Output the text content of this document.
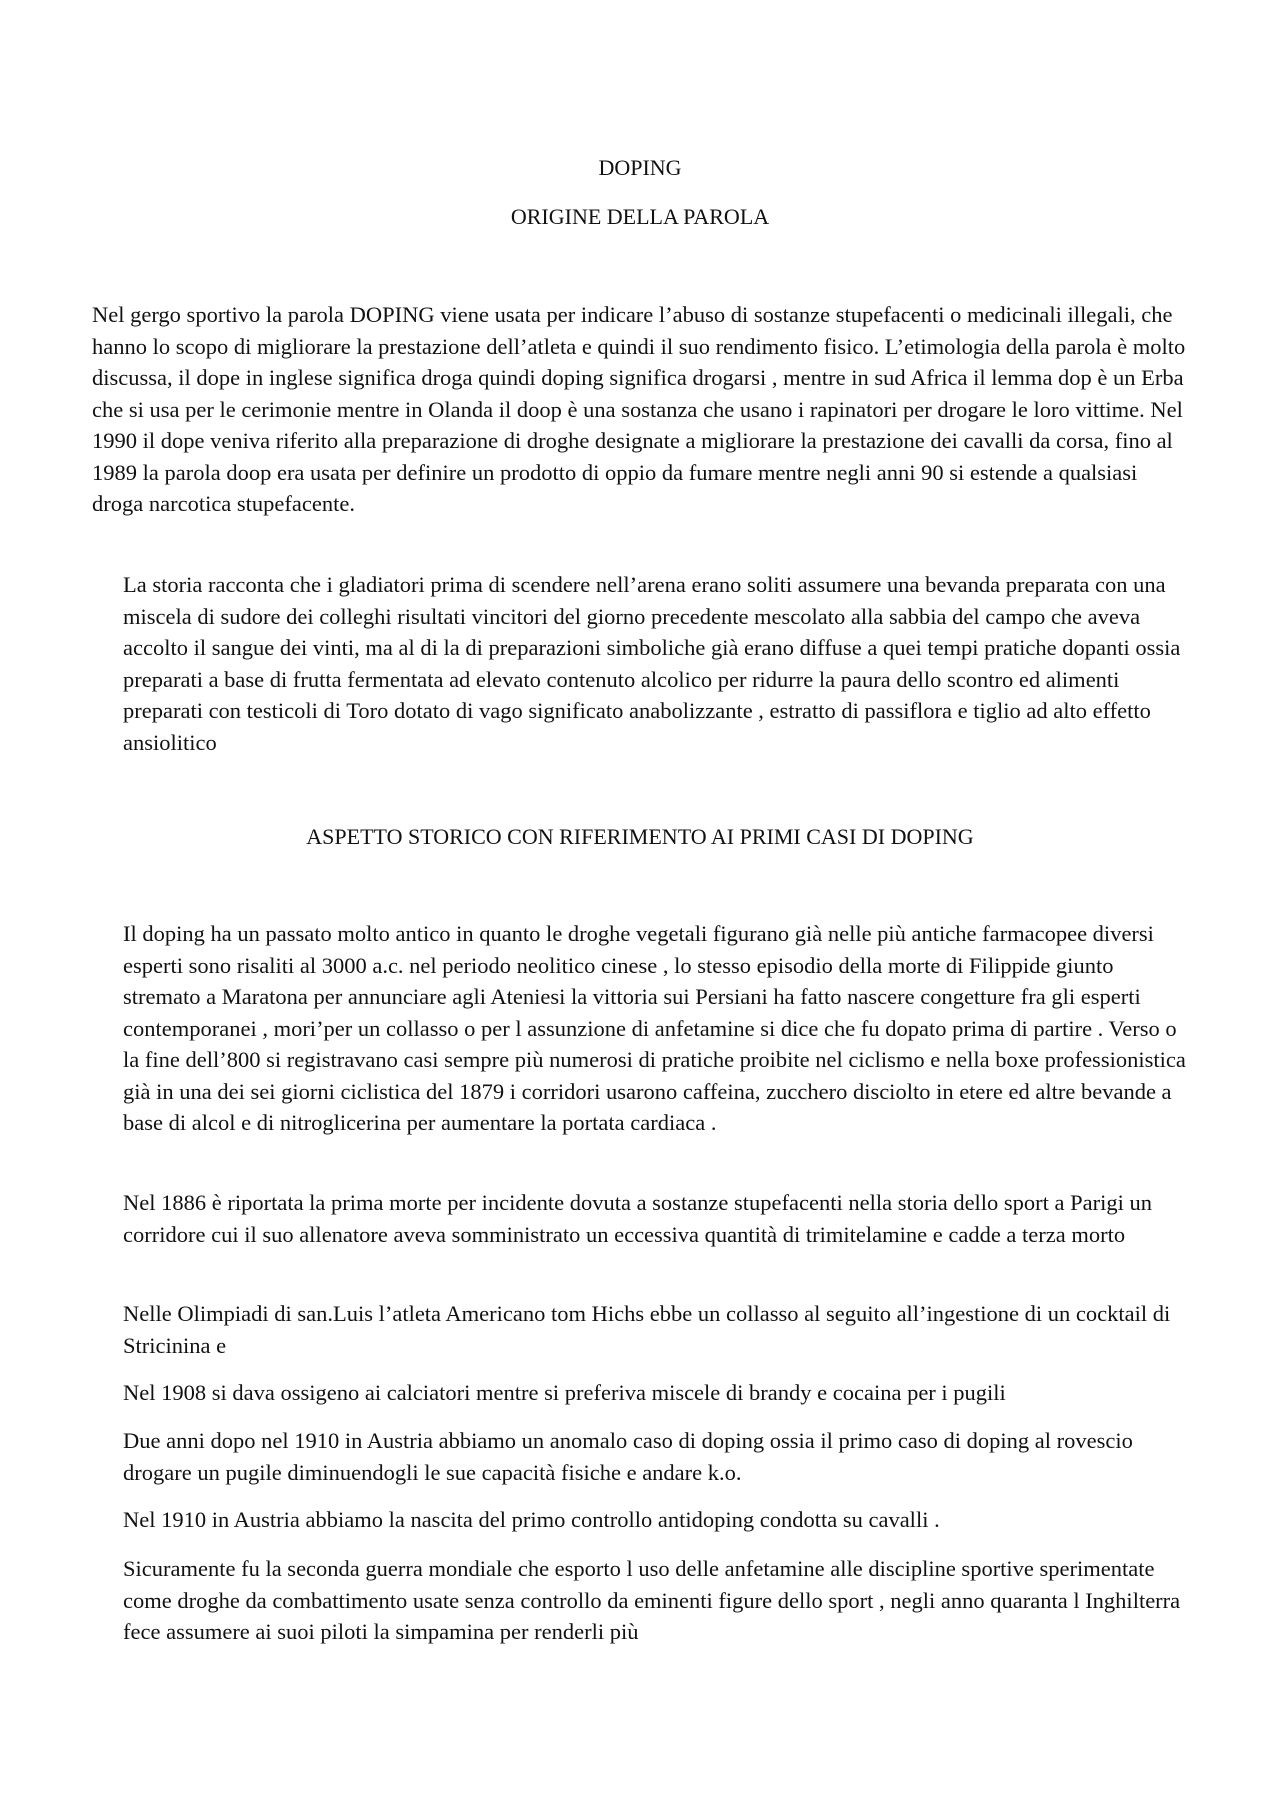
DOPING
ORIGINE DELLA PAROLA

Nel gergo sportivo la parola DOPING viene usata per indicare l’abuso di sostanze stupefacenti o medicinali illegali, che hanno lo scopo di migliorare la prestazione dell’atleta e quindi il suo rendimento fisico. L’etimologia della parola è molto discussa, il dope in inglese significa droga quindi doping significa drogarsi , mentre in sud Africa il lemma dop è un Erba che si usa per le cerimonie mentre in Olanda il doop è una sostanza che usano i rapinatori per drogare le loro vittime. Nel 1990 il dope veniva riferito alla preparazione di droghe designate a migliorare la prestazione dei cavalli da corsa, fino al 1989 la parola doop era usata per definire un prodotto di oppio da fumare mentre negli anni 90 si estende a qualsiasi droga narcotica stupefacente.

La storia racconta che i gladiatori prima di scendere nell’arena erano soliti assumere una bevanda preparata con una miscela di sudore dei colleghi risultati vincitori del giorno precedente mescolato alla sabbia del campo che aveva accolto il sangue dei vinti, ma al di la di preparazioni simboliche già erano diffuse a quei tempi pratiche dopanti ossia preparati a base di frutta fermentata ad elevato contenuto alcolico per ridurre la paura dello scontro ed alimenti preparati con testicoli di Toro dotato di vago significato anabolizzante , estratto di passiflora e tiglio ad alto effetto ansiolitico

ASPETTO STORICO CON RIFERIMENTO AI PRIMI CASI DI DOPING

Il doping ha un passato molto antico in quanto le droghe vegetali figurano già nelle più antiche farmacopee diversi esperti sono risaliti al 3000 a.c. nel periodo neolitico cinese , lo stesso episodio della morte di Filippide giunto stremato a Maratona per annunciare agli Ateniesi la vittoria sui Persiani ha fatto nascere congetture fra gli esperti contemporanei , mori’per un collasso o per l assunzione di anfetamine si dice che fu dopato prima di partire . Verso o la fine dell’800 si registravano casi sempre più numerosi di pratiche proibite nel ciclismo e nella boxe professionistica già in una dei sei giorni ciclistica del 1879 i corridori usarono caffeina, zucchero disciolto in etere ed altre bevande a base di alcol e di nitroglicerina per aumentare la portata cardiaca .

Nel 1886 è riportata la prima morte per incidente dovuta a sostanze stupefacenti nella storia dello sport a Parigi un corridore cui il suo allenatore aveva somministrato un eccessiva quantità di trimitelamine e cadde a terza morto

Nelle Olimpiadi di san.Luis l’atleta Americano tom Hichs ebbe un collasso al seguito all’ingestione di un cocktail di Stricinina e

Nel 1908 si dava ossigeno ai calciatori mentre si preferiva miscele di brandy e cocaina per i pugili

Due anni dopo nel 1910 in Austria abbiamo un anomalo caso di doping ossia il primo caso di doping al rovescio drogare un pugile diminuendogli le sue capacità fisiche e andare k.o.

Nel 1910 in Austria abbiamo la nascita del primo controllo antidoping condotta su cavalli .

Sicuramente fu la seconda guerra mondiale che esporto l uso delle anfetamine alle discipline sportive sperimentate come droghe da combattimento usate senza controllo da eminenti figure dello sport , negli anno quaranta l Inghilterra fece assumere ai suoi piloti la simpamina per renderli più
